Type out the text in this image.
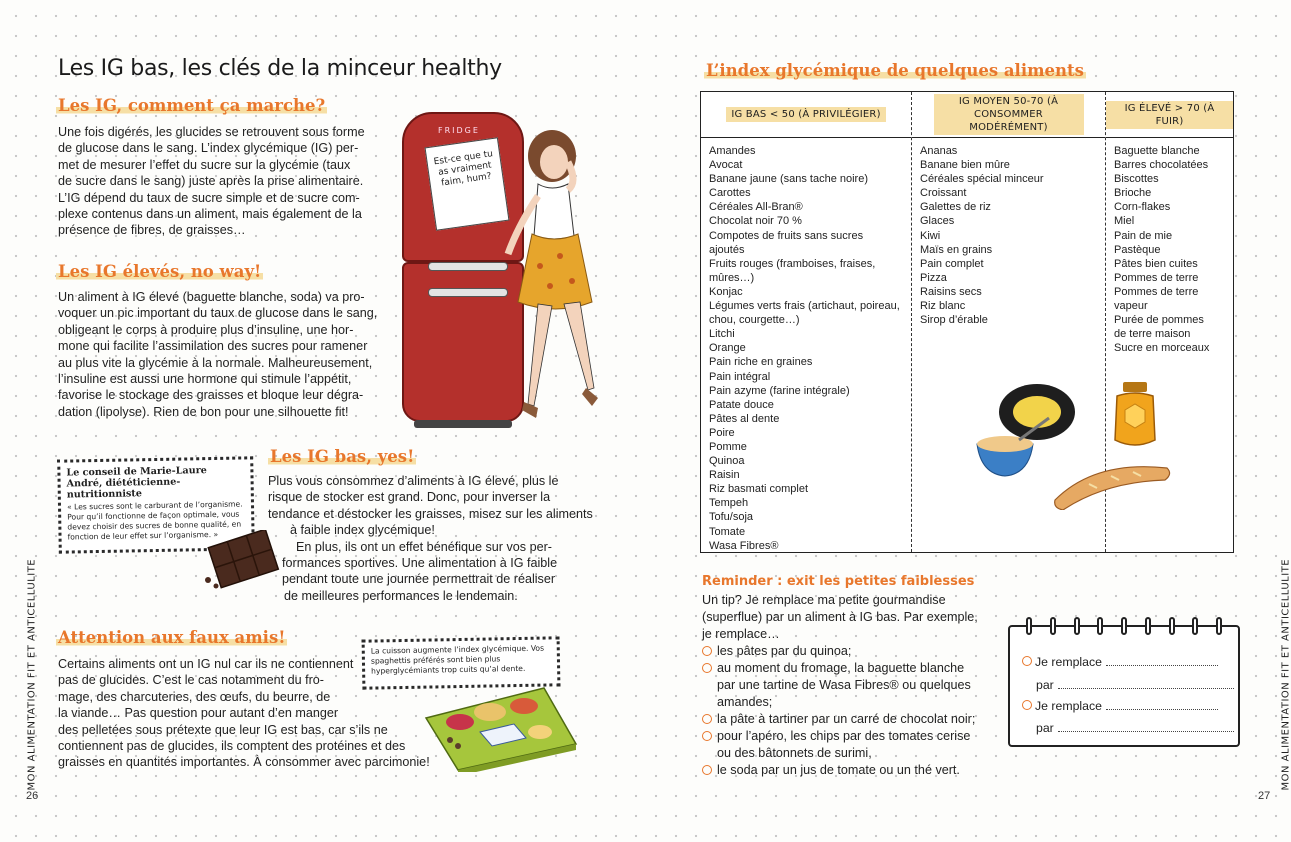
Les IG bas, les clés de la minceur healthy
Les IG, comment ça marche?
Une fois digérés, les glucides se retrouvent sous forme
de glucose dans le sang. L’index glycémique (IG) per-
met de mesurer l’effet du sucre sur la glycémie (taux
de sucre dans le sang) juste après la prise alimentaire.
L’IG dépend du taux de sucre simple et de sucre com-
plexe contenus dans un aliment, mais également de la
présence de fibres, de graisses…
Les IG élevés, no way!
Un aliment à IG élevé (baguette blanche, soda) va pro-
voquer un pic important du taux de glucose dans le sang,
obligeant le corps à produire plus d’insuline, une hor-
mone qui facilite l’assimilation des sucres pour ramener
au plus vite la glycémie à la normale. Malheureusement,
l’insuline est aussi une hormone qui stimule l’appétit,
favorise le stockage des graisses et bloque leur dégra-
dation (lipolyse). Rien de bon pour une silhouette fit!
FRIDGE
Est-ce que tu as vraiment faim, hum?
Le conseil de Marie-Laure André, diététicienne-nutritionniste
« Les sucres sont le carburant de l’organisme. Pour qu’il fonctionne de façon optimale, vous devez choisir des sucres de bonne qualité, en fonction de leur effet sur l’organisme. »
Les IG bas, yes!
Plus vous consommez d’aliments à IG élevé, plus le
risque de stocker est grand. Donc, pour inverser la
tendance et déstocker les graisses, misez sur les aliments
à faible index glycémique!
En plus, ils ont un effet bénéfique sur vos per-
formances sportives. Une alimentation à IG faible
pendant toute une journée permettrait de réaliser
de meilleures performances le lendemain.
Attention aux faux amis!
Certains aliments ont un IG nul car ils ne contiennent
pas de glucides. C’est le cas notamment du fro-
mage, des charcuteries, des œufs, du beurre, de
la viande… Pas question pour autant d’en manger
des pelletées sous prétexte que leur IG est bas, car s’ils ne
contiennent pas de glucides, ils comptent des protéines et des
graisses en quantités importantes. À consommer avec parcimonie!
La cuisson augmente l’index glycémique. Vos spaghettis préférés sont bien plus hyperglycémiants trop cuits qu’al dente.
MON ALIMENTATION FIT ET ANTICELLULITE
26
L’index glycémique de quelques aliments
IG BAS < 50 (À PRIVILÉGIER)
Amandes
Avocat
Banane jaune (sans tache noire)
Carottes
Céréales All-Bran®
Chocolat noir 70 %
Compotes de fruits sans sucres
ajoutés
Fruits rouges (framboises, fraises,
mûres…)
Konjac
Légumes verts frais (artichaut, poireau,
chou, courgette…)
Litchi
Orange
Pain riche en graines
Pain intégral
Pain azyme (farine intégrale)
Patate douce
Pâtes al dente
Poire
Pomme
Quinoa
Raisin
Riz basmati complet
Tempeh
Tofu/soja
Tomate
Wasa Fibres®
IG MOYEN 50-70 (À CONSOMMER MODÉRÉMENT)
Ananas
Banane bien mûre
Céréales spécial minceur
Croissant
Galettes de riz
Glaces
Kiwi
Maïs en grains
Pain complet
Pizza
Raisins secs
Riz blanc
Sirop d’érable
IG ÉLEVÉ > 70 (À FUIR)
Baguette blanche
Barres chocolatées
Biscottes
Brioche
Corn-flakes
Miel
Pain de mie
Pastèque
Pâtes bien cuites
Pommes de terre
Pommes de terre
vapeur
Purée de pommes
de terre maison
Sucre en morceaux
Reminder : exit les petites faiblesses
Un tip? Je remplace ma petite gourmandise
(superflue) par un aliment à IG bas. Par exemple,
je remplace…
les pâtes par du quinoa;
au moment du fromage, la baguette blanche
par une tartine de Wasa Fibres® ou quelques
amandes;
la pâte à tartiner par un carré de chocolat noir;
pour l’apéro, les chips par des tomates cerise
ou des bâtonnets de surimi,
le soda par un jus de tomate ou un thé vert.
Je remplace
par
Je remplace
par	MON ALIMENTATION FIT ET ANTICELLULITE
27
